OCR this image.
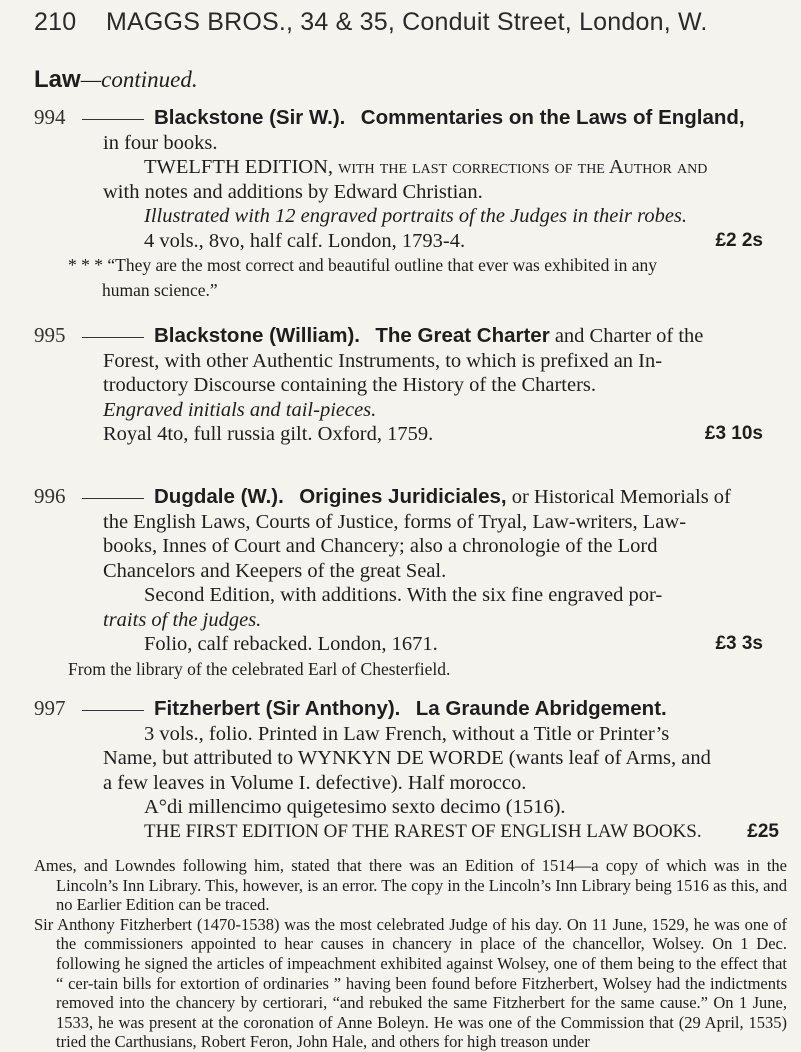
210 MAGGS BROS., 34 & 35, Conduit Street, London, W.
Law—continued.
994	Blackstone (Sir W.). Commentaries on the Laws of England,
in four books.
TWELFTH EDITION, with the last corrections of the Author and
with notes and additions by Edward Christian.
Illustrated with 12 engraved portraits of the Judges in their robes.
4 vols., 8vo, half calf. London, 1793-4.	£2 2s
* * * “They are the most correct and beautiful outline that ever was exhibited in any
human science.”
995	Blackstone (William). The Great Charter and Charter of the
Forest, with other Authentic Instruments, to which is prefixed an In-
troductory Discourse containing the History of the Charters.
Engraved initials and tail-pieces.
Royal 4to, full russia gilt. Oxford, 1759.	£3 10s
996	Dugdale (W.). Origines Juridiciales, or Historical Memorials of
the English Laws, Courts of Justice, forms of Tryal, Law-writers, Law-
books, Innes of Court and Chancery; also a chronologie of the Lord
Chancelors and Keepers of the great Seal.
Second Edition, with additions. With the six fine engraved por-
traits of the judges.
Folio, calf rebacked. London, 1671.	£3 3s
From the library of the celebrated Earl of Chesterfield.
997	Fitzherbert (Sir Anthony). La Graunde Abridgement.
3 vols., folio. Printed in Law French, without a Title or Printer’s
Name, but attributed to WYNKYN DE WORDE (wants leaf of Arms, and
a few leaves in Volume I. defective). Half morocco.
A°di millencimo quigetesimo sexto decimo (1516).
THE FIRST EDITION OF THE RAREST OF ENGLISH LAW BOOKS. £25

Ames, and Lowndes following him, stated that there was an Edition of 1514—a copy of which was in the Lincoln’s Inn Library. This, however, is an error. The copy in the Lincoln’s Inn Library being 1516 as this, and no Earlier Edition can be traced.

Sir Anthony Fitzherbert (1470-1538) was the most celebrated Judge of his day. On 11 June, 1529, he was one of the commissioners appointed to hear causes in chancery in place of the chancellor, Wolsey. On 1 Dec. following he signed the articles of impeachment exhibited against Wolsey, one of them being to the effect that “ cer-tain bills for extortion of ordinaries ” having been found before Fitzherbert, Wolsey had the indictments removed into the chancery by certiorari, “and rebuked the same Fitzherbert for the same cause.” On 1 June, 1533, he was present at the coronation of Anne Boleyn. He was one of the Commission that (29 April, 1535) tried the Carthusians, Robert Feron, John Hale, and others for high treason under
